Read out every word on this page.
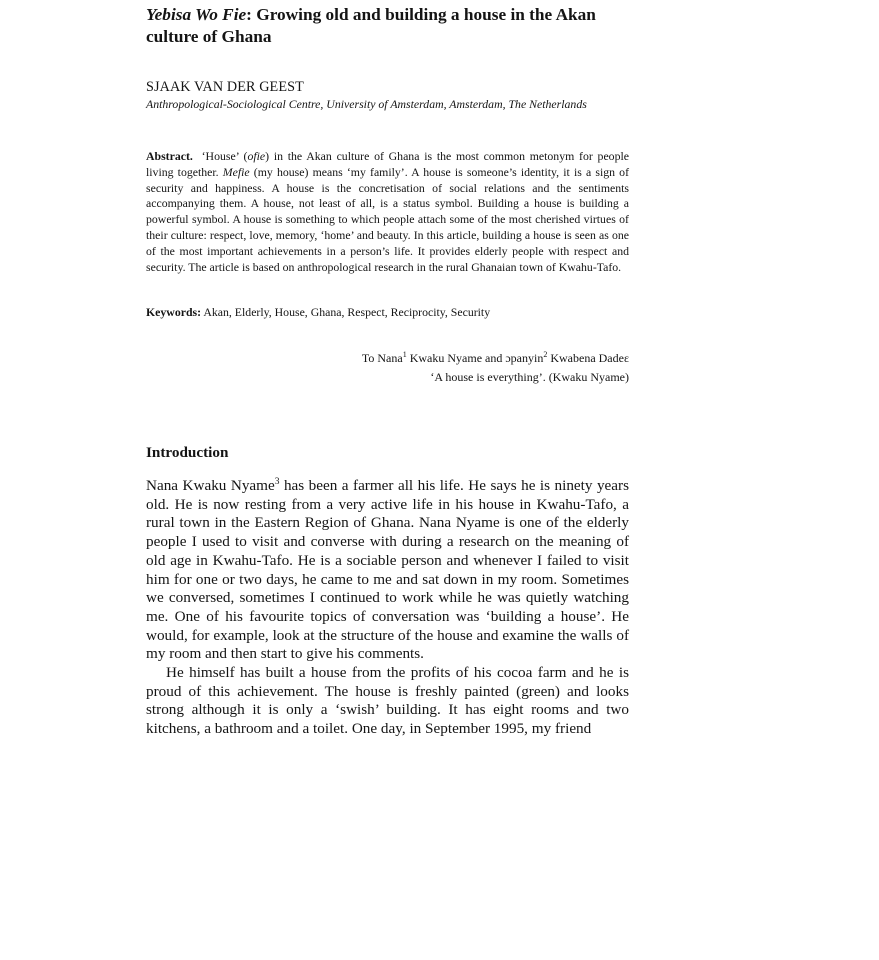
Yebisa Wo Fie: Growing old and building a house in the Akan culture of Ghana

SJAAK VAN DER GEEST

Anthropological-Sociological Centre, University of Amsterdam, Amsterdam, The Netherlands

Abstract. ‘House’ (ofie) in the Akan culture of Ghana is the most common metonym for people living together. Mefie (my house) means ‘my family’. A house is someone’s identity, it is a sign of security and happiness. A house is the concretisation of social relations and the sentiments accompanying them. A house, not least of all, is a status symbol. Building a house is building a powerful symbol. A house is something to which people attach some of the most cherished virtues of their culture: respect, love, memory, ‘home’ and beauty. In this article, building a house is seen as one of the most important achievements in a person’s life. It provides elderly people with respect and security. The article is based on anthropological research in the rural Ghanaian town of Kwahu-Tafo.

Keywords: Akan, Elderly, House, Ghana, Respect, Reciprocity, Security

To Nana$^1$ Kwaku Nyame and ɔpanyin$^2$ Kwabena Dadeɛ
‘A house is everything’. (Kwaku Nyame)
Introduction

Nana Kwaku Nyame$^3$ has been a farmer all his life. He says he is ninety years old. He is now resting from a very active life in his house in Kwahu-Tafo, a rural town in the Eastern Region of Ghana. Nana Nyame is one of the elderly people I used to visit and converse with during a research on the meaning of old age in Kwahu-Tafo. He is a sociable person and whenever I failed to visit him for one or two days, he came to me and sat down in my room. Sometimes we conversed, sometimes I continued to work while he was quietly watching me. One of his favourite topics of conversation was ‘building a house’. He would, for example, look at the structure of the house and examine the walls of my room and then start to give his comments.

He himself has built a house from the profits of his cocoa farm and he is proud of this achievement. The house is freshly painted (green) and looks strong although it is only a ‘swish’ building. It has eight rooms and two kitchens, a bathroom and a toilet. One day, in September 1995, my friend
